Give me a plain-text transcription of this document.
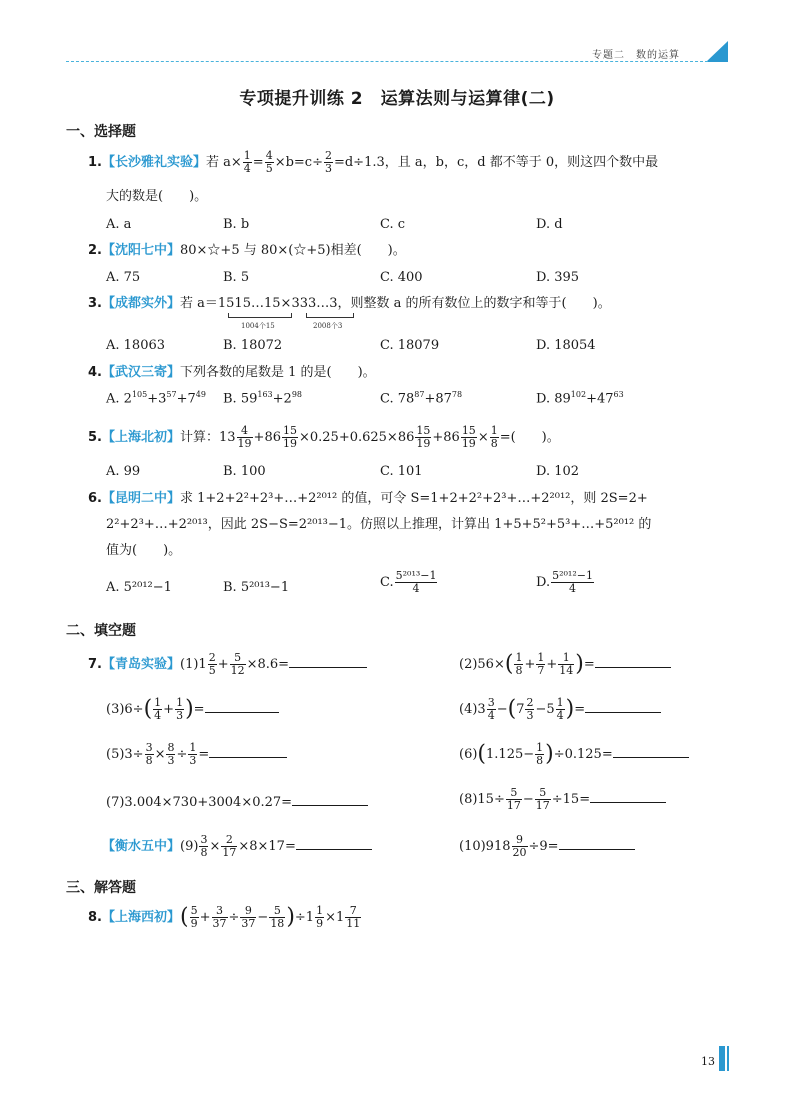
专题二　数的运算
专项提升训练 2　运算法则与运算律(二)
一、选择题
1.【长沙雅礼实验】若 $a\times \frac{1}{4} = \frac{4}{5} \times b=c\div \frac{2}{3} =d\div 1.3$，且 a，b，c，d 都不等于 0，则这四个数中最
大的数是(　　)。
A. a	B. b	C. c	D. d
2.【沈阳七中】80×☆+5 与 80×(☆+5)相差(　　)。
A. 75	B. 5	C. 400	D. 395
3.【成都实外】若 a＝1515…15×333…3，则整数 a 的所有数位上的数字和等于(　　)。
1004个15	2008个3
A. 18063	B. 18072	C. 18079	D. 18054
4.【武汉三寄】下列各数的尾数是 1 的是(　　)。
A. $2^{105}+3^{57}+7^{49}$ B. $59^{163}+2^{98}$	C. $78^{87}+87^{78}$	D. $89^{102}+47^{63}$
5.【上海北初】计算：$13 \frac{4}{19} +86 \frac{15}{19} \times 0.25+0.625\times 86 \frac{15}{19} +86 \frac{15}{19} \times \frac{1}{8}$ =(　　)。
A. 99	B. 100	C. 101	D. 102
6.【昆明二中】求 1+2+2²+2³+…+2²⁰¹² 的值，可令 S=1+2+2²+2³+…+2²⁰¹²，则 2S=2+
2²+2³+…+2²⁰¹³，因此 2S−S=2²⁰¹³−1。仿照以上推理，计算出 1+5+5²+5³+…+5²⁰¹² 的
值为(　　)。
A. 5²⁰¹²−1	B. 5²⁰¹³−1	C. $\frac{\text{5²⁰¹³−1}}{4}$	D. $\frac{\text{5²⁰¹²−1}}{4}$
二、填空题
7.【青岛实验】$(1)1 \frac{2}{5} + \frac{5}{12} \times 8.6=$	$(2)56\times( \frac{1}{8} + \frac{1}{7} + \frac{1}{14}$ )=
$(3)6\div( \frac{1}{4} + \frac{1}{3}$ )=	$(4)3 \frac{3}{4} -(7 \frac{2}{3} -5 \frac{1}{4}$ )=
$(5)3\div \frac{3}{8} \times \frac{8}{3} \div \frac{1}{3}$ =	$(6)(1.125- \frac{1}{8} )\div 0.125=$
(7)3.004×730+3004×0.27=	$(8)15\div \frac{5}{17} - \frac{5}{17} \div 15=$
【衡水五中】$(9) \frac{3}{8} \times \frac{2}{17} \times 8\times 17=$	$(10)918 \frac{9}{20} \div 9=$
三、解答题
8.【上海西初】( $\frac{5}{9} + \frac{3}{37} \div \frac{9}{37} - \frac{5}{18} )\div 1 \frac{1}{9} \times 1 \frac{7}{11}$
13
